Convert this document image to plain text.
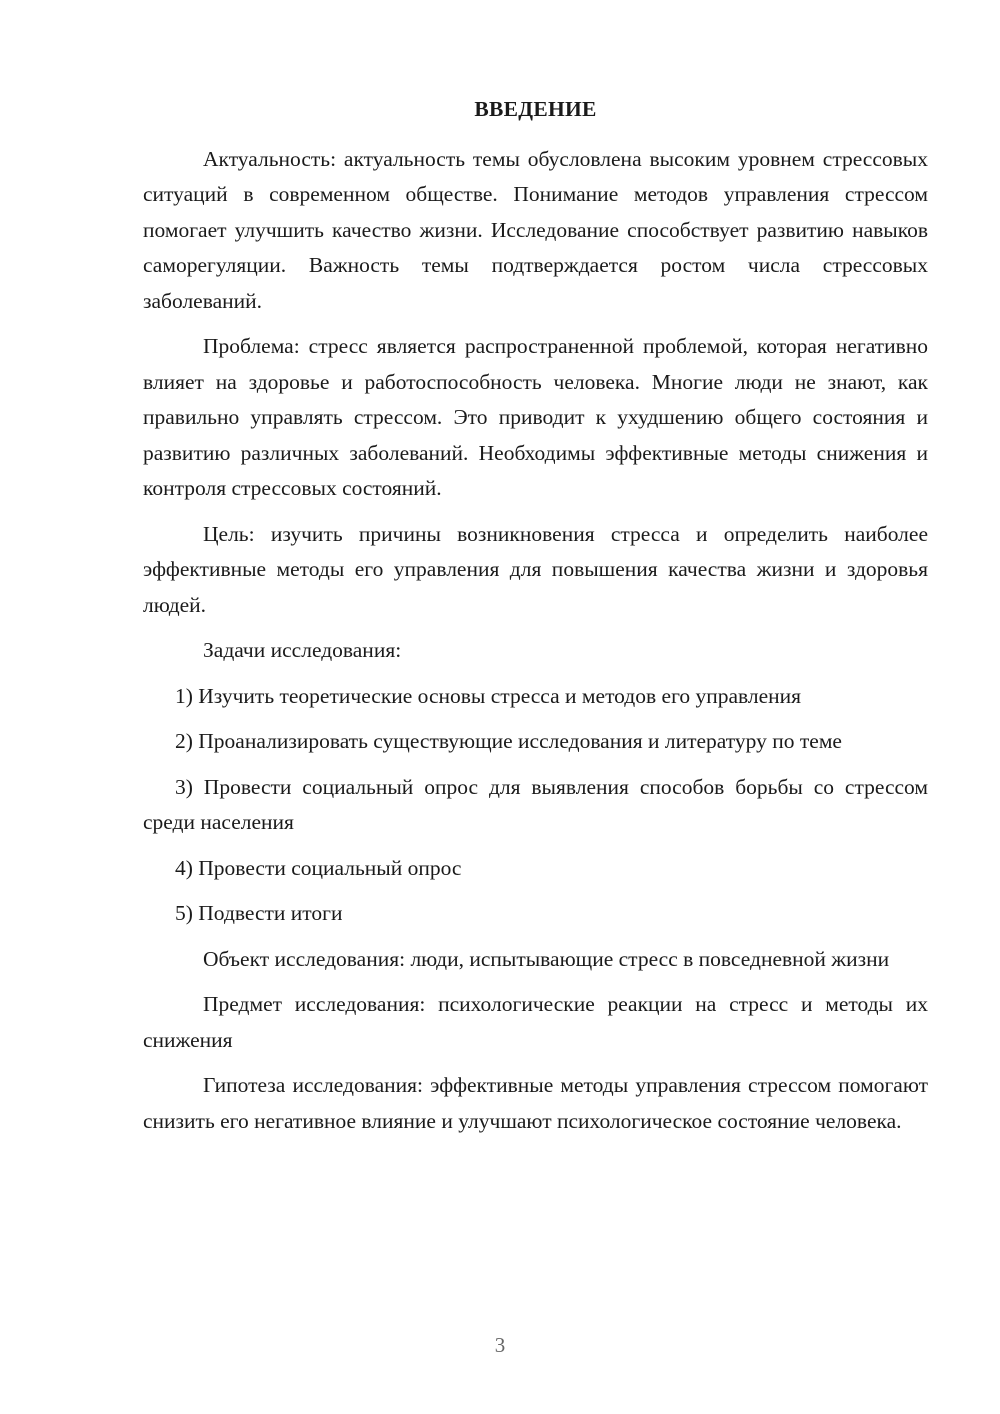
ВВЕДЕНИЕ

Актуальность: актуальность темы обусловлена высоким уровнем стрессовых ситуаций в современном обществе. Понимание методов управления стрессом помогает улучшить качество жизни. Исследование способствует развитию навыков саморегуляции. Важность темы подтверждается ростом числа стрессовых заболеваний.

Проблема: стресс является распространенной проблемой, которая негативно влияет на здоровье и работоспособность человека. Многие люди не знают, как правильно управлять стрессом. Это приводит к ухудшению общего состояния и развитию различных заболеваний. Необходимы эффективные методы снижения и контроля стрессовых состояний.

Цель: изучить причины возникновения стресса и определить наиболее эффективные методы его управления для повышения качества жизни и здоровья людей.

Задачи исследования:

1) Изучить теоретические основы стресса и методов его управления

2) Проанализировать существующие исследования и литературу по теме

3) Провести социальный опрос для выявления способов борьбы со стрессом среди населения

4) Провести социальный опрос

5) Подвести итоги

Объект исследования: люди, испытывающие стресс в повседневной жизни

Предмет исследования: психологические реакции на стресс и методы их снижения

Гипотеза исследования: эффективные методы управления стрессом помогают снизить его негативное влияние и улучшают психологическое состояние человека.

3
